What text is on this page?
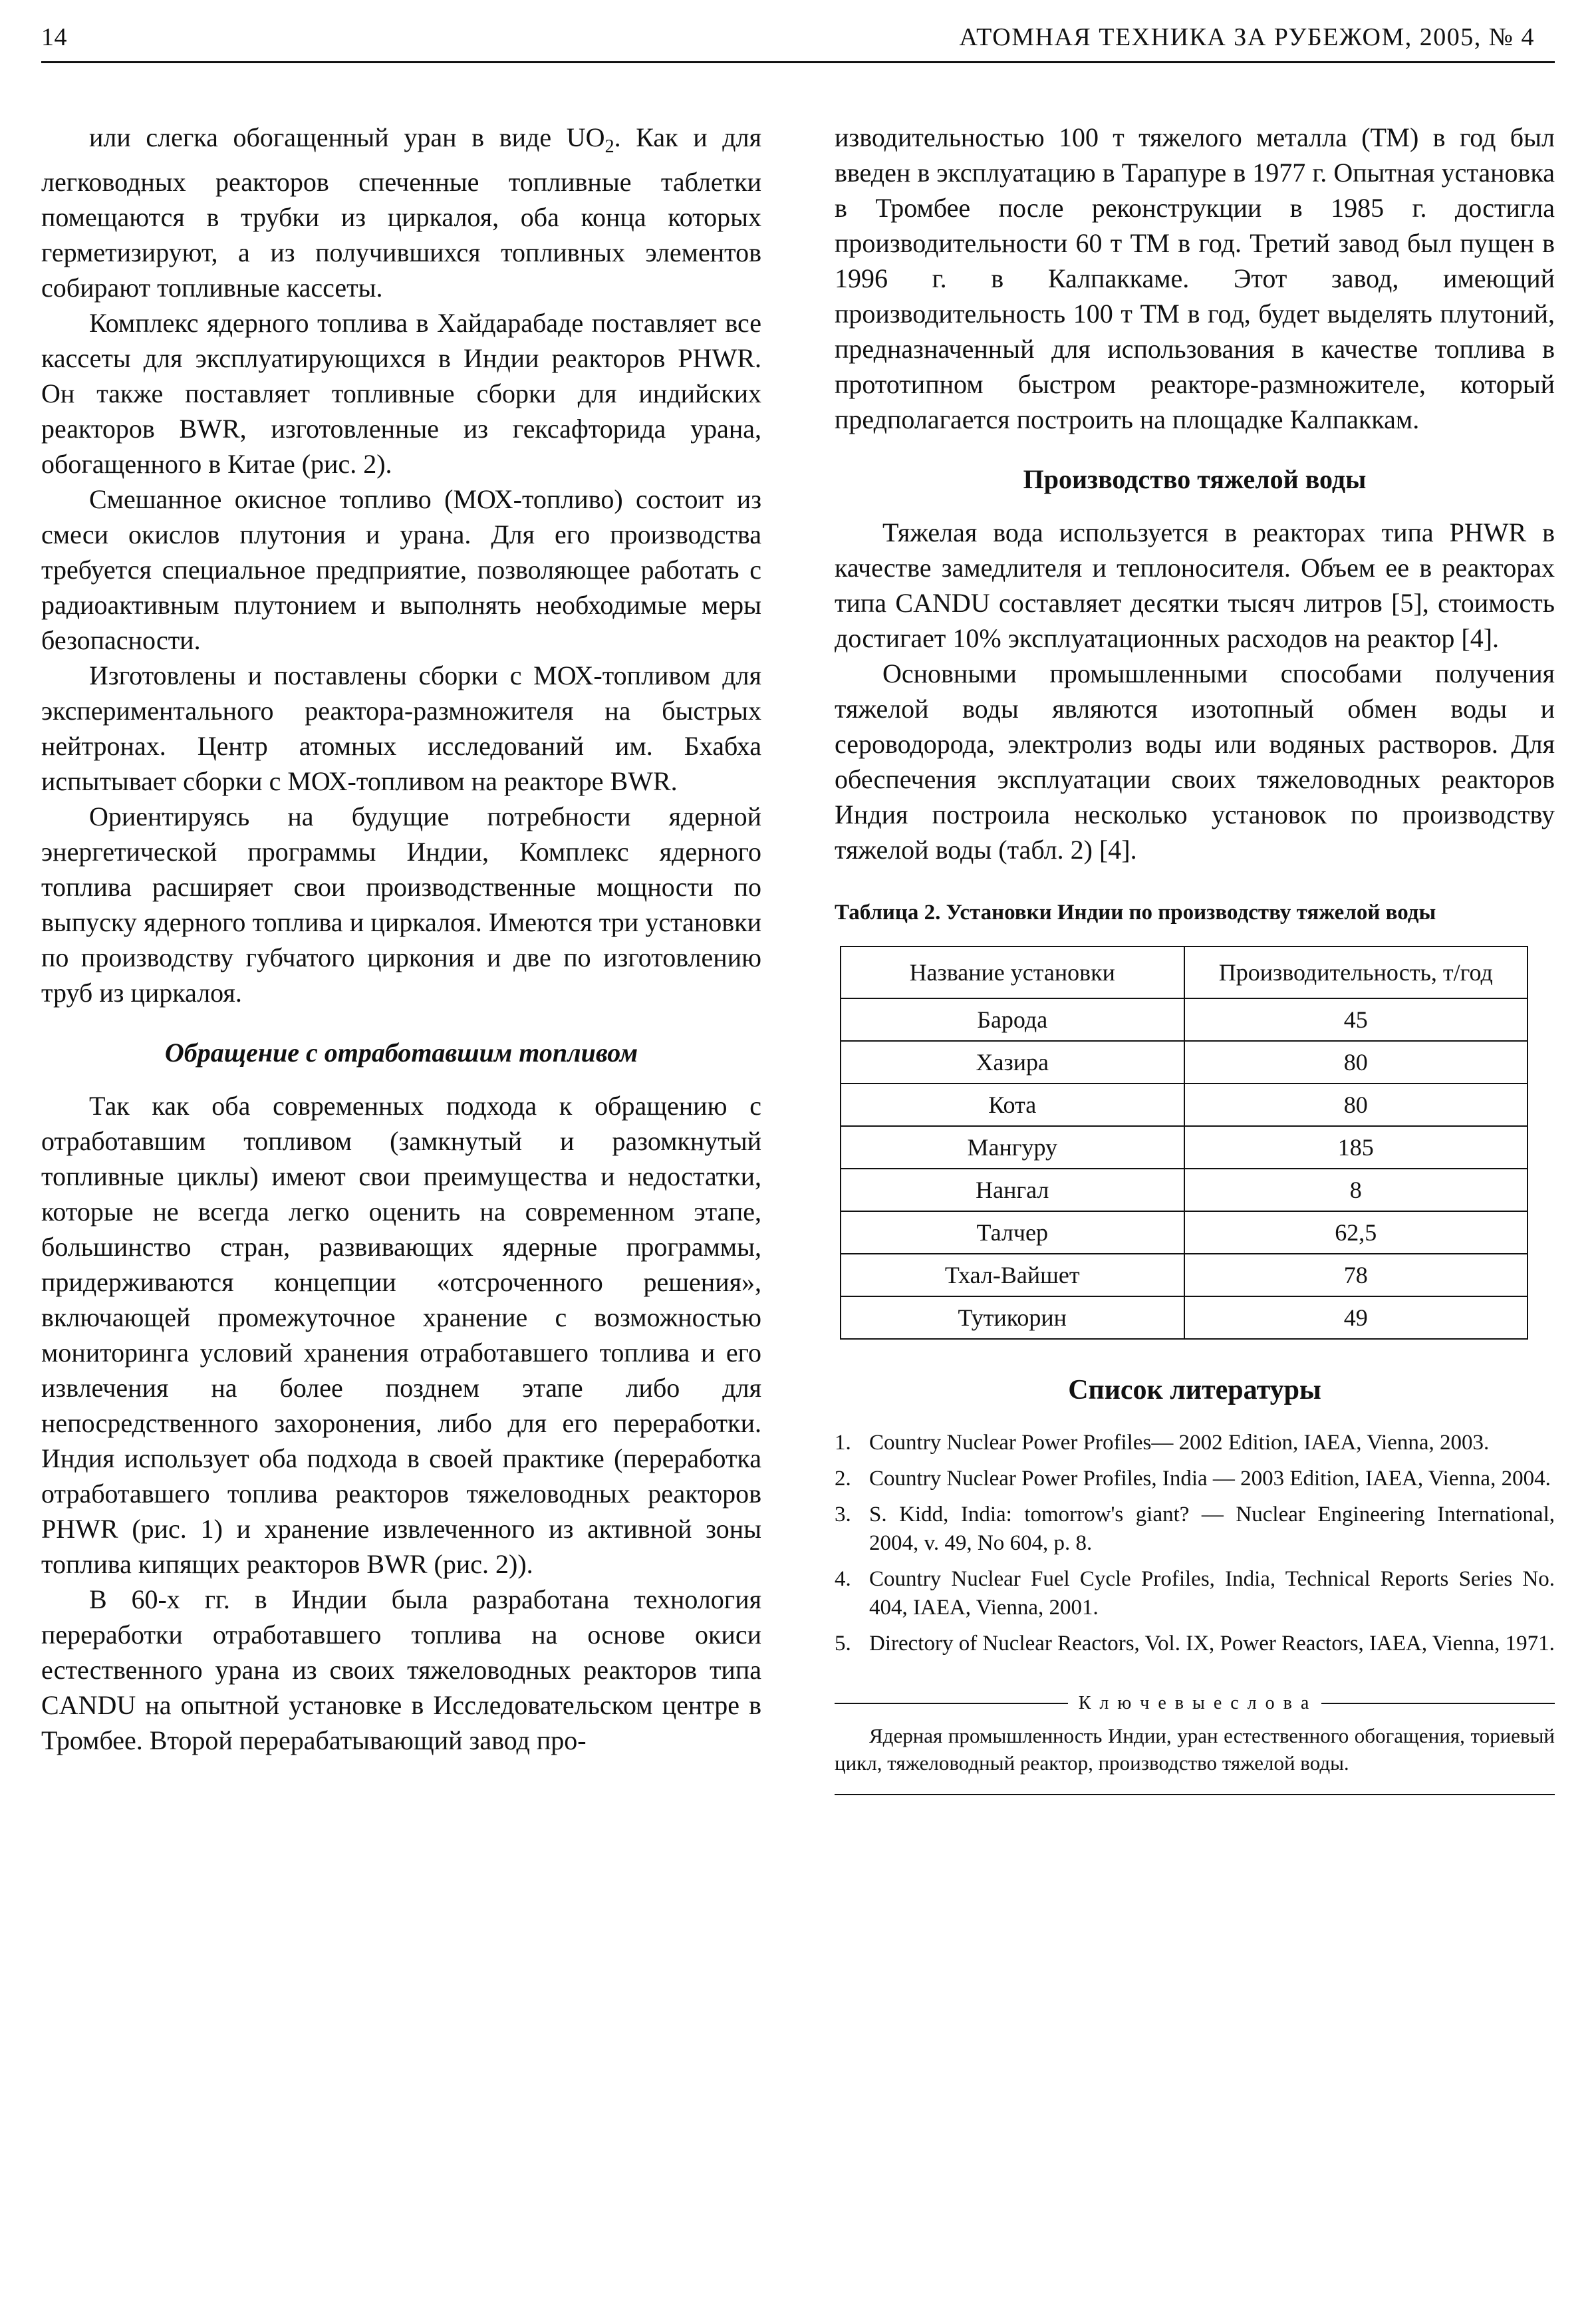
14	АТОМНАЯ ТЕХНИКА ЗА РУБЕЖОМ, 2005, № 4

или слегка обогащенный уран в виде $UO_2$. Как и для легководных реакторов спеченные топливные таблетки помещаются в трубки из циркалоя, оба конца которых герметизируют, а из получившихся топливных элементов собирают топливные кассеты.

Комплекс ядерного топлива в Хайдарабаде поставляет все кассеты для эксплуатирующихся в Индии реакторов PHWR. Он также поставляет топливные сборки для индийских реакторов BWR, изготовленные из гексафторида урана, обогащенного в Китае (рис. 2).

Смешанное окисное топливо (МОХ-топливо) состоит из смеси окислов плутония и урана. Для его производства требуется специальное предприятие, позволяющее работать с радиоактивным плутонием и выполнять необходимые меры безопасности.

Изготовлены и поставлены сборки с МОХ-топливом для экспериментального реактора-размножителя на быстрых нейтронах. Центр атомных исследований им. Бхабха испытывает сборки с МОХ-топливом на реакторе BWR.

Ориентируясь на будущие потребности ядерной энергетической программы Индии, Комплекс ядерного топлива расширяет свои производственные мощности по выпуску ядерного топлива и циркалоя. Имеются три установки по производству губчатого циркония и две по изготовлению труб из циркалоя.

Обращение с отработавшим топливом

Так как оба современных подхода к обращению с отработавшим топливом (замкнутый и разомкнутый топливные циклы) имеют свои преимущества и недостатки, которые не всегда легко оценить на современном этапе, большинство стран, развивающих ядерные программы, придерживаются концепции «отсроченного решения», включающей промежуточное хранение с возможностью мониторинга условий хранения отработавшего топлива и его извлечения на более позднем этапе либо для непосредственного захоронения, либо для его переработки. Индия использует оба подхода в своей практике (переработка отработавшего топлива реакторов тяжеловодных реакторов PHWR (рис. 1) и хранение извлеченного из активной зоны топлива кипящих реакторов BWR (рис. 2)).

В 60-х гг. в Индии была разработана технология переработки отработавшего топлива на основе окиси естественного урана из своих тяжеловодных реакторов типа CANDU на опытной установке в Исследовательском центре в Тромбее. Второй перерабатывающий завод про-

изводительностью 100 т тяжелого металла (ТМ) в год был введен в эксплуатацию в Тарапуре в 1977 г. Опытная установка в Тромбее после реконструкции в 1985 г. достигла производительности 60 т ТМ в год. Третий завод был пущен в 1996 г. в Калпаккаме. Этот завод, имеющий производительность 100 т ТМ в год, будет выделять плутоний, предназначенный для использования в качестве топлива в прототипном быстром реакторе-размножителе, который предполагается построить на площадке Калпаккам.

Производство тяжелой воды

Тяжелая вода используется в реакторах типа PHWR в качестве замедлителя и теплоносителя. Объем ее в реакторах типа CANDU составляет десятки тысяч литров [5], стоимость достигает 10% эксплуатационных расходов на реактор [4].

Основными промышленными способами получения тяжелой воды являются изотопный обмен воды и сероводорода, электролиз воды или водяных растворов. Для обеспечения эксплуатации своих тяжеловодных реакторов Индия построила несколько установок по производству тяжелой воды (табл. 2) [4].

Таблица 2. Установки Индии по производству тяжелой воды
Название установки	Производительность, т/год
Барода	45
Хазира	80
Кота	80
Мангуру	185
Нангал	8
Талчер	62,5
Тхал-Вайшет	78
Тутикорин	49
Список литературы
1. Country Nuclear Power Profiles— 2002 Edition, IAEA, Vienna, 2003.
2. Country Nuclear Power Profiles, India — 2003 Edition, IAEA, Vienna, 2004.
3. S. Kidd, India: tomorrow's giant? — Nuclear Engineering International, 2004, v. 49, No 604, p. 8.
4. Country Nuclear Fuel Cycle Profiles, India, Technical Reports Series No. 404, IAEA, Vienna, 2001.
5. Directory of Nuclear Reactors, Vol. IX, Power Reactors, IAEA, Vienna, 1971.
К л ю ч е в ы е с л о в а
Ядерная промышленность Индии, уран естественного обогащения, ториевый цикл, тяжеловодный реактор, производство тяжелой воды.
